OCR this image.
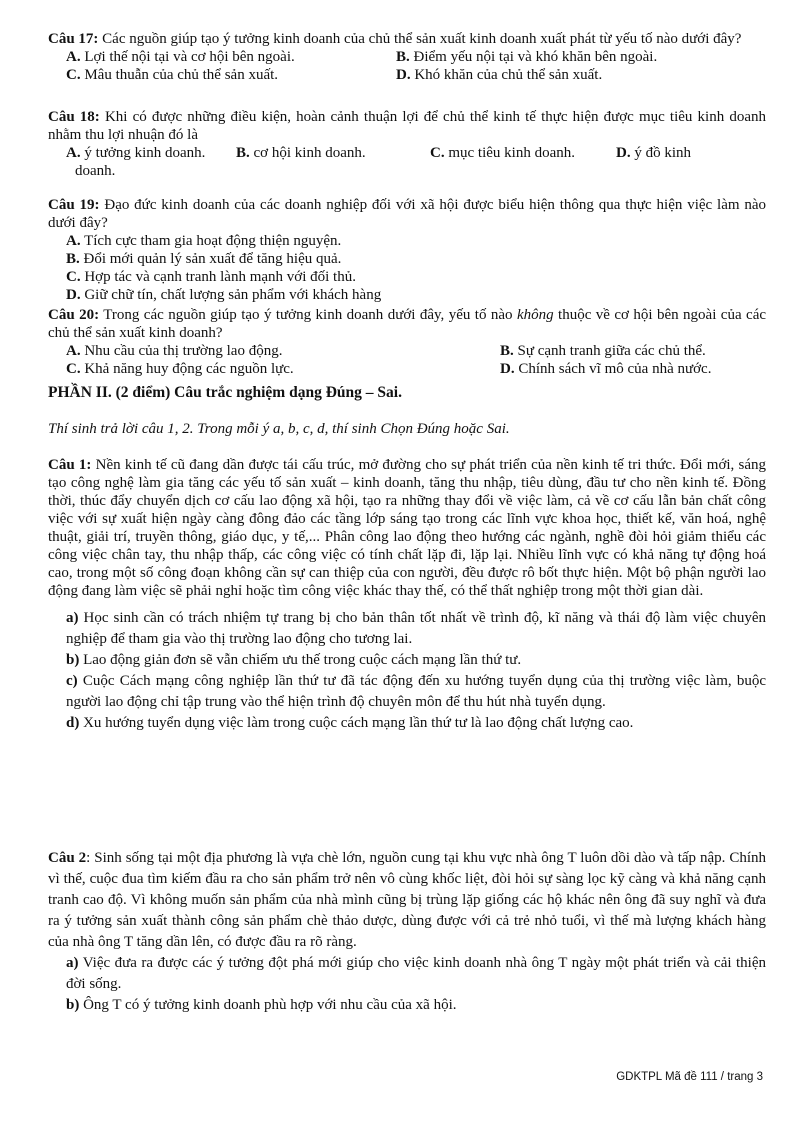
Câu 17: Các nguồn giúp tạo ý tưởng kinh doanh của chủ thể sản xuất kinh doanh xuất phát từ yếu tố nào dưới đây?

A. Lợi thế nội tại và cơ hội bên ngoài.	B. Điểm yếu nội tại và khó khăn bên ngoài.
C. Mâu thuẫn của chủ thể sản xuất.	D. Khó khăn của chủ thể sản xuất.

Câu 18: Khi có được những điều kiện, hoàn cảnh thuận lợi để chủ thể kinh tế thực hiện được mục tiêu kinh doanh nhằm thu lợi nhuận đó là

A. ý tưởng kinh doanh. B. cơ hội kinh doanh.	C. mục tiêu kinh doanh.	D. ý đồ kinh
doanh.

Câu 19: Đạo đức kinh doanh của các doanh nghiệp đối với xã hội được biểu hiện thông qua thực hiện việc làm nào dưới đây?

A. Tích cực tham gia hoạt động thiện nguyện.
B. Đổi mới quản lý sản xuất để tăng hiệu quả.
C. Hợp tác và cạnh tranh lành mạnh với đối thủ.
D. Giữ chữ tín, chất lượng sản phẩm với khách hàng

Câu 20: Trong các nguồn giúp tạo ý tưởng kinh doanh dưới đây, yếu tố nào không thuộc về cơ hội bên ngoài của các chủ thể sản xuất kinh doanh?

A. Nhu cầu của thị trường lao động.	B. Sự cạnh tranh giữa các chủ thể.
C. Khả năng huy động các nguồn lực.	D. Chính sách vĩ mô của nhà nước.
PHẦN II. (2 điểm) Câu trắc nghiệm dạng Đúng – Sai.
Thí sinh trả lời câu 1, 2. Trong mỗi ý a, b, c, d, thí sinh Chọn Đúng hoặc Sai.

Câu 1: Nền kinh tế cũ đang dần được tái cấu trúc, mở đường cho sự phát triển của nền kinh tế tri thức. Đổi mới, sáng tạo công nghệ làm gia tăng các yếu tố sản xuất – kinh doanh, tăng thu nhập, tiêu dùng, đầu tư cho nền kinh tế. Đồng thời, thúc đẩy chuyển dịch cơ cấu lao động xã hội, tạo ra những thay đổi về việc làm, cả về cơ cấu lẫn bản chất công việc với sự xuất hiện ngày càng đông đảo các tầng lớp sáng tạo trong các lĩnh vực khoa học, thiết kế, văn hoá, nghệ thuật, giải trí, truyền thông, giáo dục, y tế,... Phân công lao động theo hướng các ngành, nghề đòi hỏi giảm thiểu các công việc chân tay, thu nhập thấp, các công việc có tính chất lặp đi, lặp lại. Nhiều lĩnh vực có khả năng tự động hoá cao, trong một số công đoạn không cần sự can thiệp của con người, đều được rô bốt thực hiện. Một bộ phận người lao động đang làm việc sẽ phải nghỉ hoặc tìm công việc khác thay thế, có thể thất nghiệp trong một thời gian dài.

a) Học sinh cần có trách nhiệm tự trang bị cho bản thân tốt nhất về trình độ, kĩ năng và thái độ làm việc chuyên nghiệp để tham gia vào thị trường lao động cho tương lai.

b) Lao động giản đơn sẽ vẫn chiếm ưu thế trong cuộc cách mạng lần thứ tư.

c) Cuộc Cách mạng công nghiệp lần thứ tư đã tác động đến xu hướng tuyển dụng của thị trường việc làm, buộc người lao động chỉ tập trung vào thể hiện trình độ chuyên môn để thu hút nhà tuyển dụng.

d) Xu hướng tuyển dụng việc làm trong cuộc cách mạng lần thứ tư là lao động chất lượng cao.

Câu 2: Sinh sống tại một địa phương là vựa chè lớn, nguồn cung tại khu vực nhà ông T luôn dồi dào và tấp nập. Chính vì thế, cuộc đua tìm kiếm đầu ra cho sản phẩm trở nên vô cùng khốc liệt, đòi hỏi sự sàng lọc kỹ càng và khả năng cạnh tranh cao độ. Vì không muốn sản phẩm của nhà mình cũng bị trùng lặp giống các hộ khác nên ông đã suy nghĩ và đưa ra ý tưởng sản xuất thành công sản phẩm chè thảo dược, dùng được với cả trẻ nhỏ tuổi, vì thế mà lượng khách hàng của nhà ông T tăng dần lên, có được đầu ra rõ ràng.

a) Việc đưa ra được các ý tưởng đột phá mới giúp cho việc kinh doanh nhà ông T ngày một phát triển và cải thiện đời sống.

b) Ông T có ý tưởng kinh doanh phù hợp với nhu cầu của xã hội.

GDKTPL Mã đề 111 / trang 3
